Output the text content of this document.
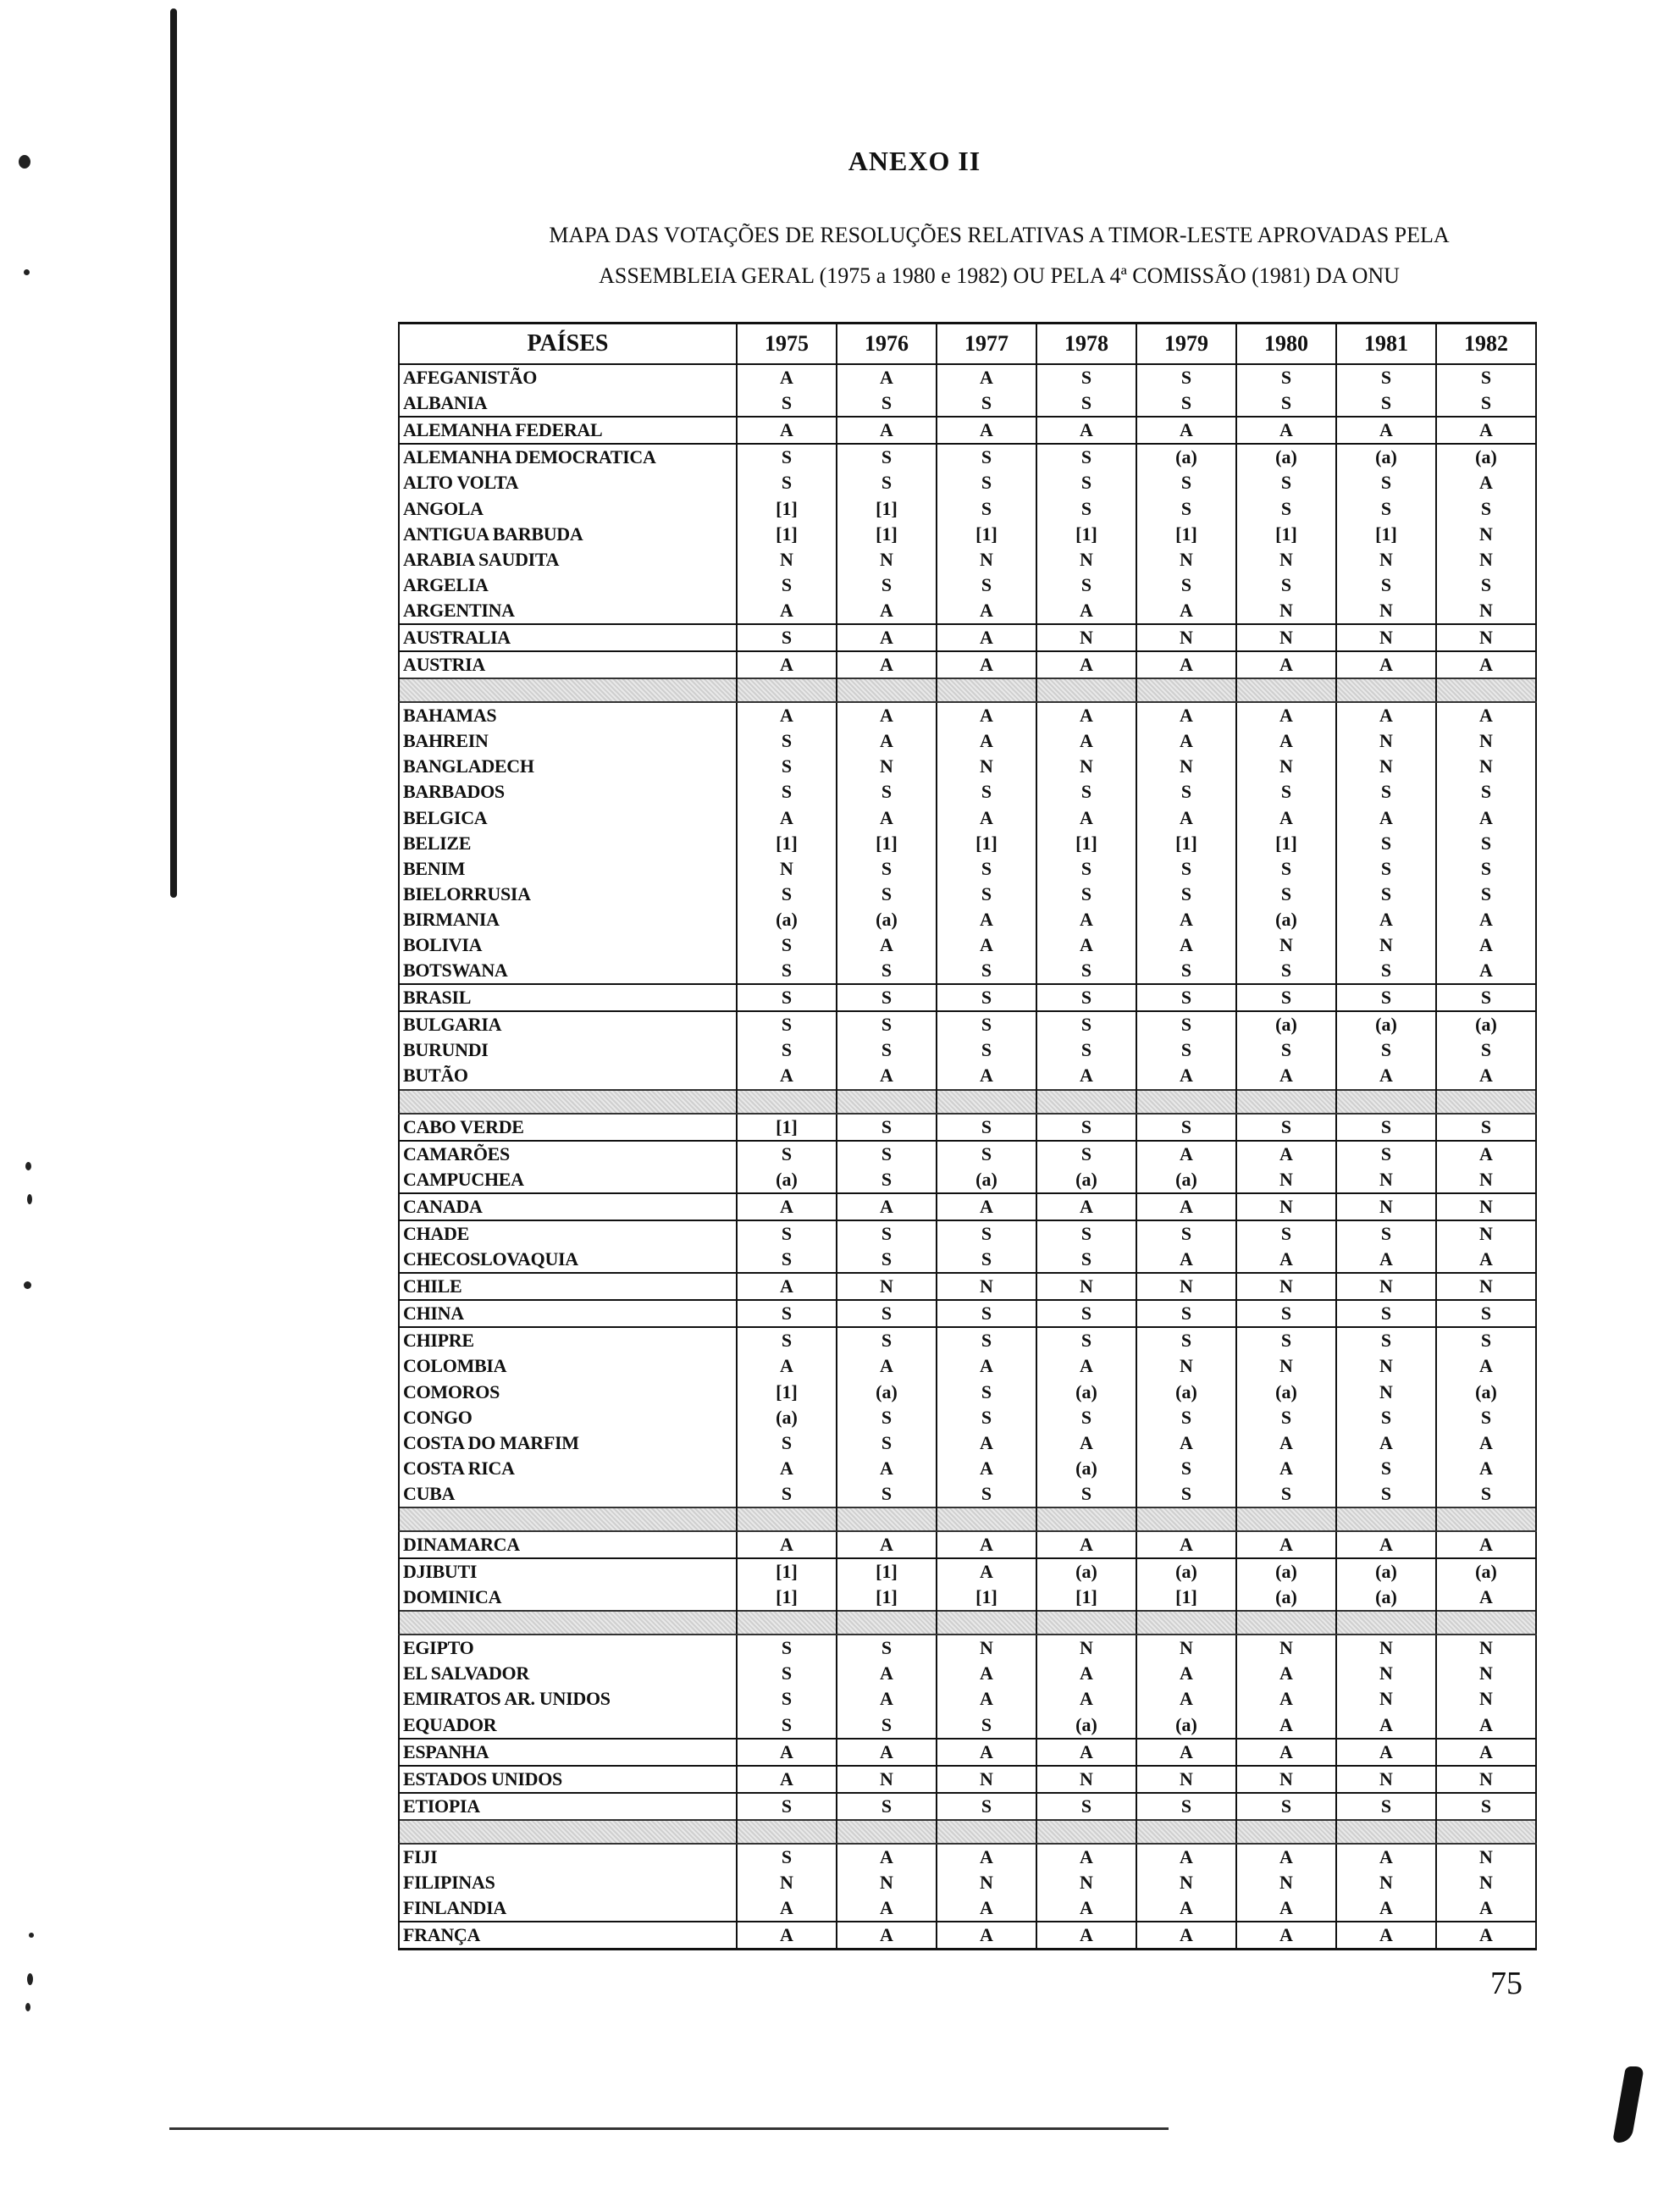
ANEXO II
MAPA DAS VOTAÇÕES DE RESOLUÇÕES RELATIVAS A TIMOR-LESTE APROVADAS PELA
ASSEMBLEIA GERAL (1975 a 1980 e 1982) OU PELA 4ª COMISSÃO (1981) DA ONU
PAÍSES	1975	1976	1977	1978	1979	1980	1981	1982
AFEGANISTÃO	A	A	A	S	S	S	S	S
ALBANIA	S	S	S	S	S	S	S	S
ALEMANHA FEDERAL	A	A	A	A	A	A	A	A
ALEMANHA DEMOCRATICA	S	S	S	S	(a)	(a)	(a)	(a)
ALTO VOLTA	S	S	S	S	S	S	S	A
ANGOLA	[1]	[1]	S	S	S	S	S	S
ANTIGUA BARBUDA	[1]	[1]	[1]	[1]	[1]	[1]	[1]	N
ARABIA SAUDITA	N	N	N	N	N	N	N	N
ARGELIA	S	S	S	S	S	S	S	S
ARGENTINA	A	A	A	A	A	N	N	N
AUSTRALIA	S	A	A	N	N	N	N	N
AUSTRIA	A	A	A	A	A	A	A	A

BAHAMAS	A	A	A	A	A	A	A	A
BAHREIN	S	A	A	A	A	A	N	N
BANGLADECH	S	N	N	N	N	N	N	N
BARBADOS	S	S	S	S	S	S	S	S
BELGICA	A	A	A	A	A	A	A	A
BELIZE	[1]	[1]	[1]	[1]	[1]	[1]	S	S
BENIM	N	S	S	S	S	S	S	S
BIELORRUSIA	S	S	S	S	S	S	S	S
BIRMANIA	(a)	(a)	A	A	A	(a)	A	A
BOLIVIA	S	A	A	A	A	N	N	A
BOTSWANA	S	S	S	S	S	S	S	A
BRASIL	S	S	S	S	S	S	S	S
BULGARIA	S	S	S	S	S	(a)	(a)	(a)
BURUNDI	S	S	S	S	S	S	S	S
BUTÃO	A	A	A	A	A	A	A	A

CABO VERDE	[1]	S	S	S	S	S	S	S
CAMARÕES	S	S	S	S	A	A	S	A
CAMPUCHEA	(a)	S	(a)	(a)	(a)	N	N	N
CANADA	A	A	A	A	A	N	N	N
CHADE	S	S	S	S	S	S	S	N
CHECOSLOVAQUIA	S	S	S	S	A	A	A	A
CHILE	A	N	N	N	N	N	N	N
CHINA	S	S	S	S	S	S	S	S
CHIPRE	S	S	S	S	S	S	S	S
COLOMBIA	A	A	A	A	N	N	N	A
COMOROS	[1]	(a)	S	(a)	(a)	(a)	N	(a)
CONGO	(a)	S	S	S	S	S	S	S
COSTA DO MARFIM	S	S	A	A	A	A	A	A
COSTA RICA	A	A	A	(a)	S	A	S	A
CUBA	S	S	S	S	S	S	S	S

DINAMARCA	A	A	A	A	A	A	A	A
DJIBUTI	[1]	[1]	A	(a)	(a)	(a)	(a)	(a)
DOMINICA	[1]	[1]	[1]	[1]	[1]	(a)	(a)	A

EGIPTO	S	S	N	N	N	N	N	N
EL SALVADOR	S	A	A	A	A	A	N	N
EMIRATOS AR. UNIDOS	S	A	A	A	A	A	N	N
EQUADOR	S	S	S	(a)	(a)	A	A	A
ESPANHA	A	A	A	A	A	A	A	A
ESTADOS UNIDOS	A	N	N	N	N	N	N	N
ETIOPIA	S	S	S	S	S	S	S	S

FIJI	S	A	A	A	A	A	A	N
FILIPINAS	N	N	N	N	N	N	N	N
FINLANDIA	A	A	A	A	A	A	A	A
FRANÇA	A	A	A	A	A	A	A	A
75
